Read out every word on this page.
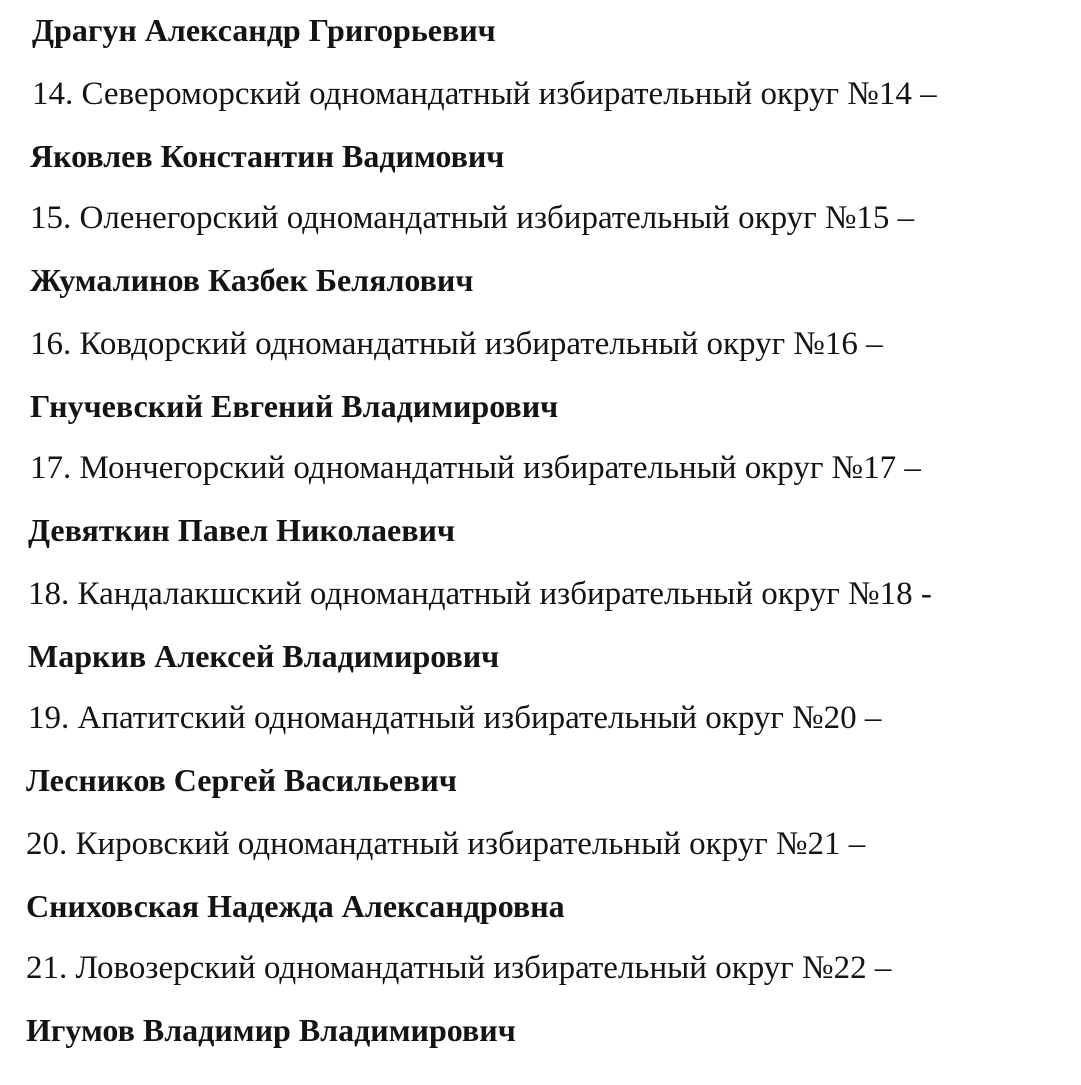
Драгун Александр Григорьевич
14. Североморский одномандатный избирательный округ №14 –
Яковлев Константин Вадимович
15. Оленегорский одномандатный избирательный округ №15 –
Жумалинов Казбек Белялович
16. Ковдорский одномандатный избирательный округ №16 –
Гнучевский Евгений Владимирович
17. Мончегорский одномандатный избирательный округ №17 –
Девяткин Павел Николаевич
18. Кандалакшский одномандатный избирательный округ №18 -
Маркив Алексей Владимирович
19. Апатитский одномандатный избирательный округ №20 –
Лесников Сергей Васильевич
20. Кировский одномандатный избирательный округ №21 –
Сниховская Надежда Александровна
21. Ловозерский одномандатный избирательный округ №22 –
Игумов Владимир Владимирович
